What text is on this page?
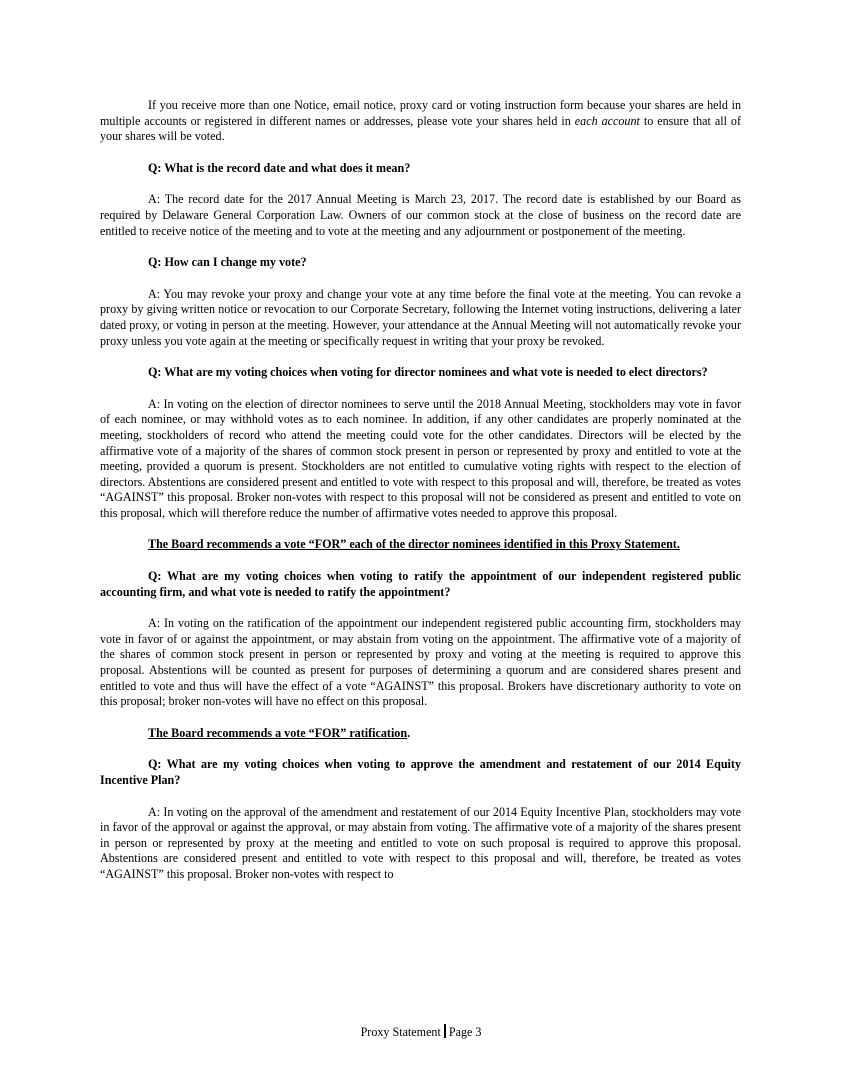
If you receive more than one Notice, email notice, proxy card or voting instruction form because your shares are held in multiple accounts or registered in different names or addresses, please vote your shares held in each account to ensure that all of your shares will be voted.

Q: What is the record date and what does it mean?

A: The record date for the 2017 Annual Meeting is March 23, 2017. The record date is established by our Board as required by Delaware General Corporation Law. Owners of our common stock at the close of business on the record date are entitled to receive notice of the meeting and to vote at the meeting and any adjournment or postponement of the meeting.

Q: How can I change my vote?

A: You may revoke your proxy and change your vote at any time before the final vote at the meeting. You can revoke a proxy by giving written notice or revocation to our Corporate Secretary, following the Internet voting instructions, delivering a later dated proxy, or voting in person at the meeting. However, your attendance at the Annual Meeting will not automatically revoke your proxy unless you vote again at the meeting or specifically request in writing that your proxy be revoked.

Q: What are my voting choices when voting for director nominees and what vote is needed to elect directors?

A: In voting on the election of director nominees to serve until the 2018 Annual Meeting, stockholders may vote in favor of each nominee, or may withhold votes as to each nominee. In addition, if any other candidates are properly nominated at the meeting, stockholders of record who attend the meeting could vote for the other candidates. Directors will be elected by the affirmative vote of a majority of the shares of common stock present in person or represented by proxy and entitled to vote at the meeting, provided a quorum is present. Stockholders are not entitled to cumulative voting rights with respect to the election of directors. Abstentions are considered present and entitled to vote with respect to this proposal and will, therefore, be treated as votes “AGAINST” this proposal. Broker non-votes with respect to this proposal will not be considered as present and entitled to vote on this proposal, which will therefore reduce the number of affirmative votes needed to approve this proposal.

The Board recommends a vote “FOR” each of the director nominees identified in this Proxy Statement.

Q: What are my voting choices when voting to ratify the appointment of our independent registered public accounting firm, and what vote is needed to ratify the appointment?

A: In voting on the ratification of the appointment our independent registered public accounting firm, stockholders may vote in favor of or against the appointment, or may abstain from voting on the appointment. The affirmative vote of a majority of the shares of common stock present in person or represented by proxy and voting at the meeting is required to approve this proposal. Abstentions will be counted as present for purposes of determining a quorum and are considered shares present and entitled to vote and thus will have the effect of a vote “AGAINST” this proposal. Brokers have discretionary authority to vote on this proposal; broker non-votes will have no effect on this proposal.

The Board recommends a vote “FOR” ratification.

Q: What are my voting choices when voting to approve the amendment and restatement of our 2014 Equity Incentive Plan?

A: In voting on the approval of the amendment and restatement of our 2014 Equity Incentive Plan, stockholders may vote in favor of the approval or against the approval, or may abstain from voting. The affirmative vote of a majority of the shares present in person or represented by proxy at the meeting and entitled to vote on such proposal is required to approve this proposal. Abstentions are considered present and entitled to vote with respect to this proposal and will, therefore, be treated as votes “AGAINST” this proposal. Broker non-votes with respect to

Proxy Statement Page 3
